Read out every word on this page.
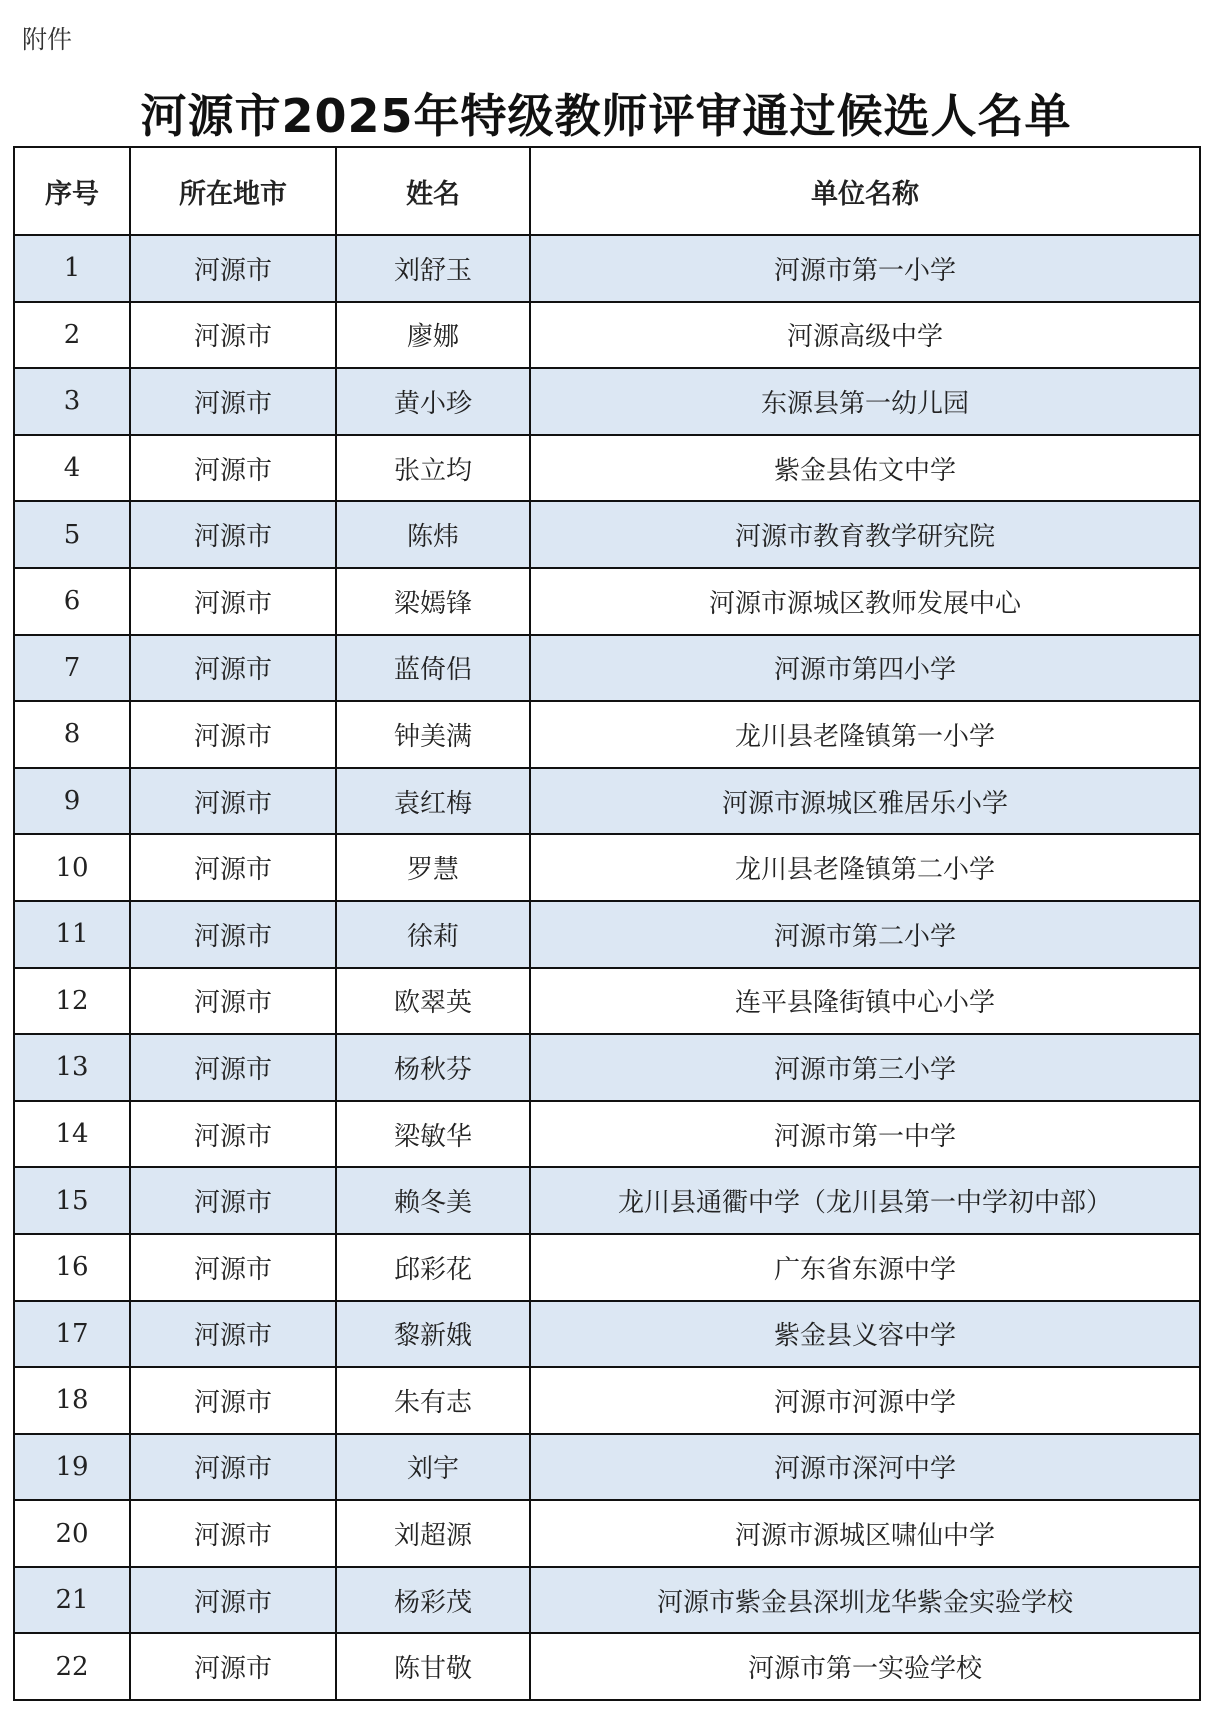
附件
河源市2025年特级教师评审通过候选人名单
序号	所在地市	姓名	单位名称
1	河源市	刘舒玉	河源市第一小学
2	河源市	廖娜	河源高级中学
3	河源市	黄小珍	东源县第一幼儿园
4	河源市	张立均	紫金县佑文中学
5	河源市	陈炜	河源市教育教学研究院
6	河源市	梁嫣锋	河源市源城区教师发展中心
7	河源市	蓝倚侣	河源市第四小学
8	河源市	钟美满	龙川县老隆镇第一小学
9	河源市	袁红梅	河源市源城区雅居乐小学
10	河源市	罗慧	龙川县老隆镇第二小学
11	河源市	徐莉	河源市第二小学
12	河源市	欧翠英	连平县隆街镇中心小学
13	河源市	杨秋芬	河源市第三小学
14	河源市	梁敏华	河源市第一中学
15	河源市	赖冬美	龙川县通衢中学（龙川县第一中学初中部）
16	河源市	邱彩花	广东省东源中学
17	河源市	黎新娥	紫金县义容中学
18	河源市	朱有志	河源市河源中学
19	河源市	刘宇	河源市深河中学
20	河源市	刘超源	河源市源城区啸仙中学
21	河源市	杨彩茂	河源市紫金县深圳龙华紫金实验学校
22	河源市	陈甘敬	河源市第一实验学校
